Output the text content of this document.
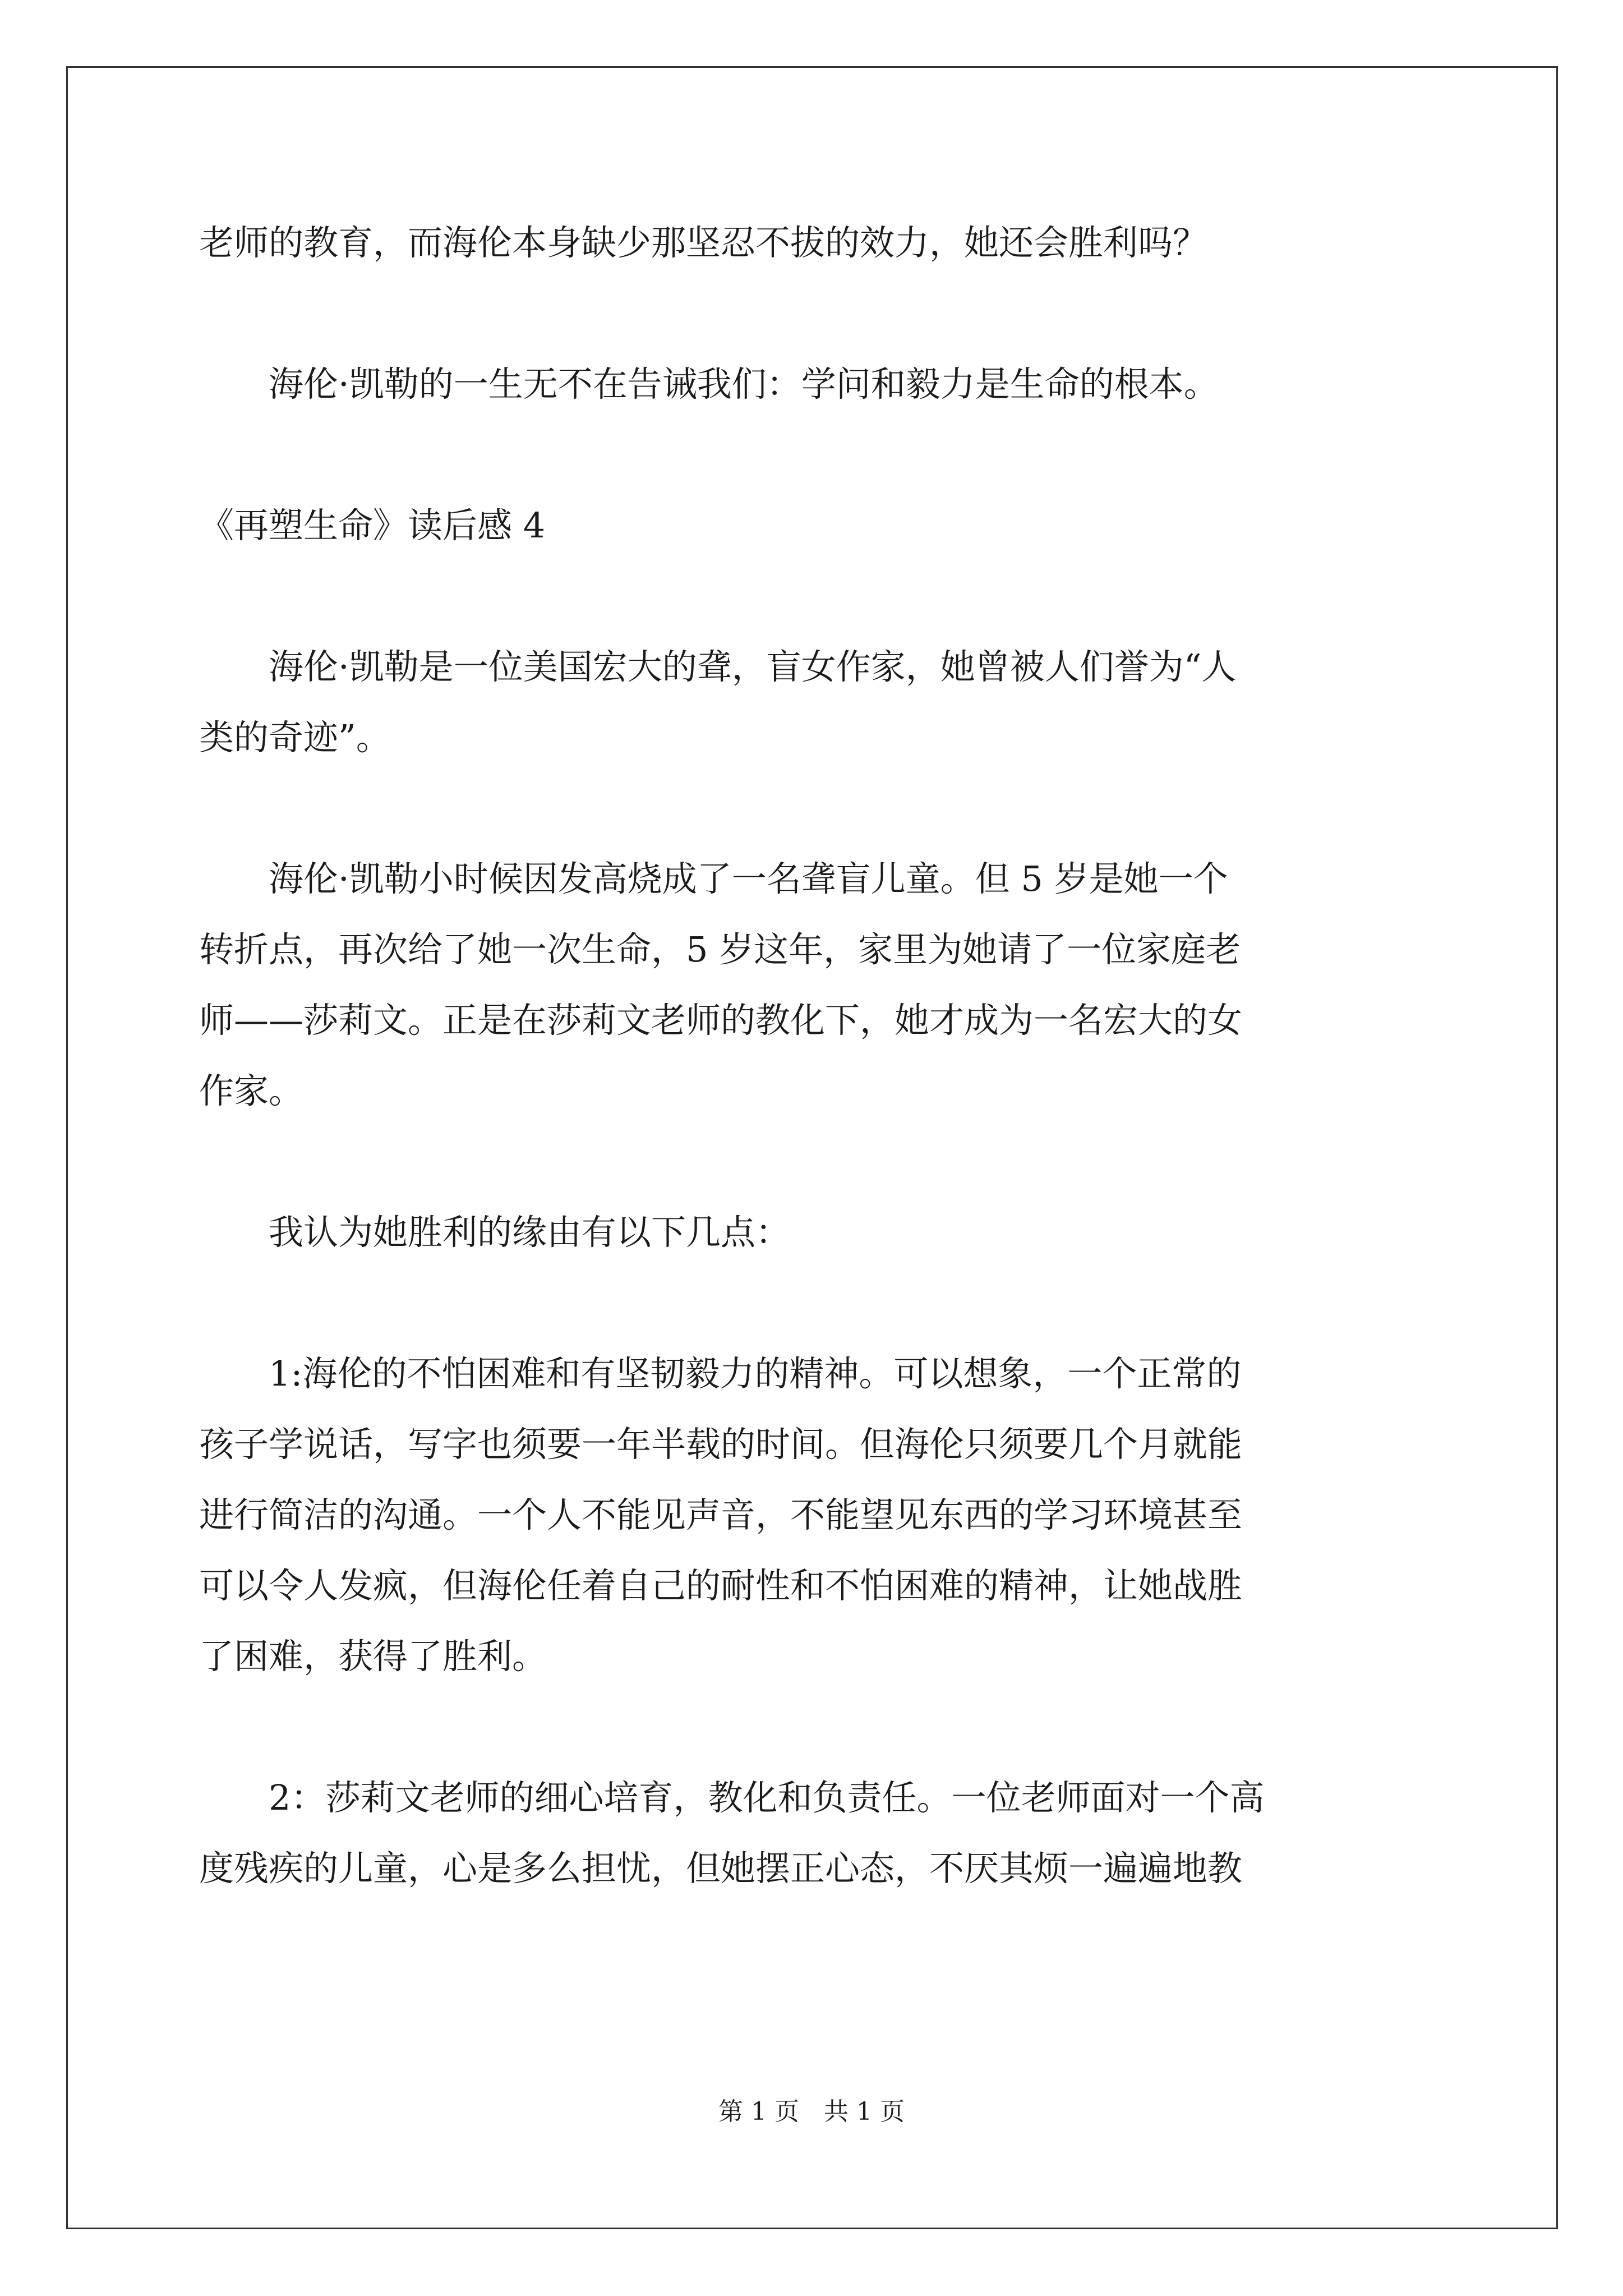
老师的教育，而海伦本身缺少那坚忍不拔的效力，她还会胜利吗？
　　海伦·凯勒的一生无不在告诫我们：学问和毅力是生命的根本。
《再塑生命》读后感 4
　　海伦·凯勒是一位美国宏大的聋，盲女作家，她曾被人们誉为“人
类的奇迹”。
　　海伦·凯勒小时候因发高烧成了一名聋盲儿童。但 5 岁是她一个
转折点，再次给了她一次生命，5 岁这年，家里为她请了一位家庭老
师——莎莉文。正是在莎莉文老师的教化下，她才成为一名宏大的女
作家。
　　我认为她胜利的缘由有以下几点：
　　1:海伦的不怕困难和有坚韧毅力的精神。可以想象，一个正常的
孩子学说话，写字也须要一年半载的时间。但海伦只须要几个月就能
进行简洁的沟通。一个人不能见声音，不能望见东西的学习环境甚至
可以令人发疯，但海伦任着自己的耐性和不怕困难的精神，让她战胜
了困难，获得了胜利。
　　2：莎莉文老师的细心培育，教化和负责任。一位老师面对一个高
度残疾的儿童，心是多么担忧，但她摆正心态，不厌其烦一遍遍地教
第 1 页　共 1 页
